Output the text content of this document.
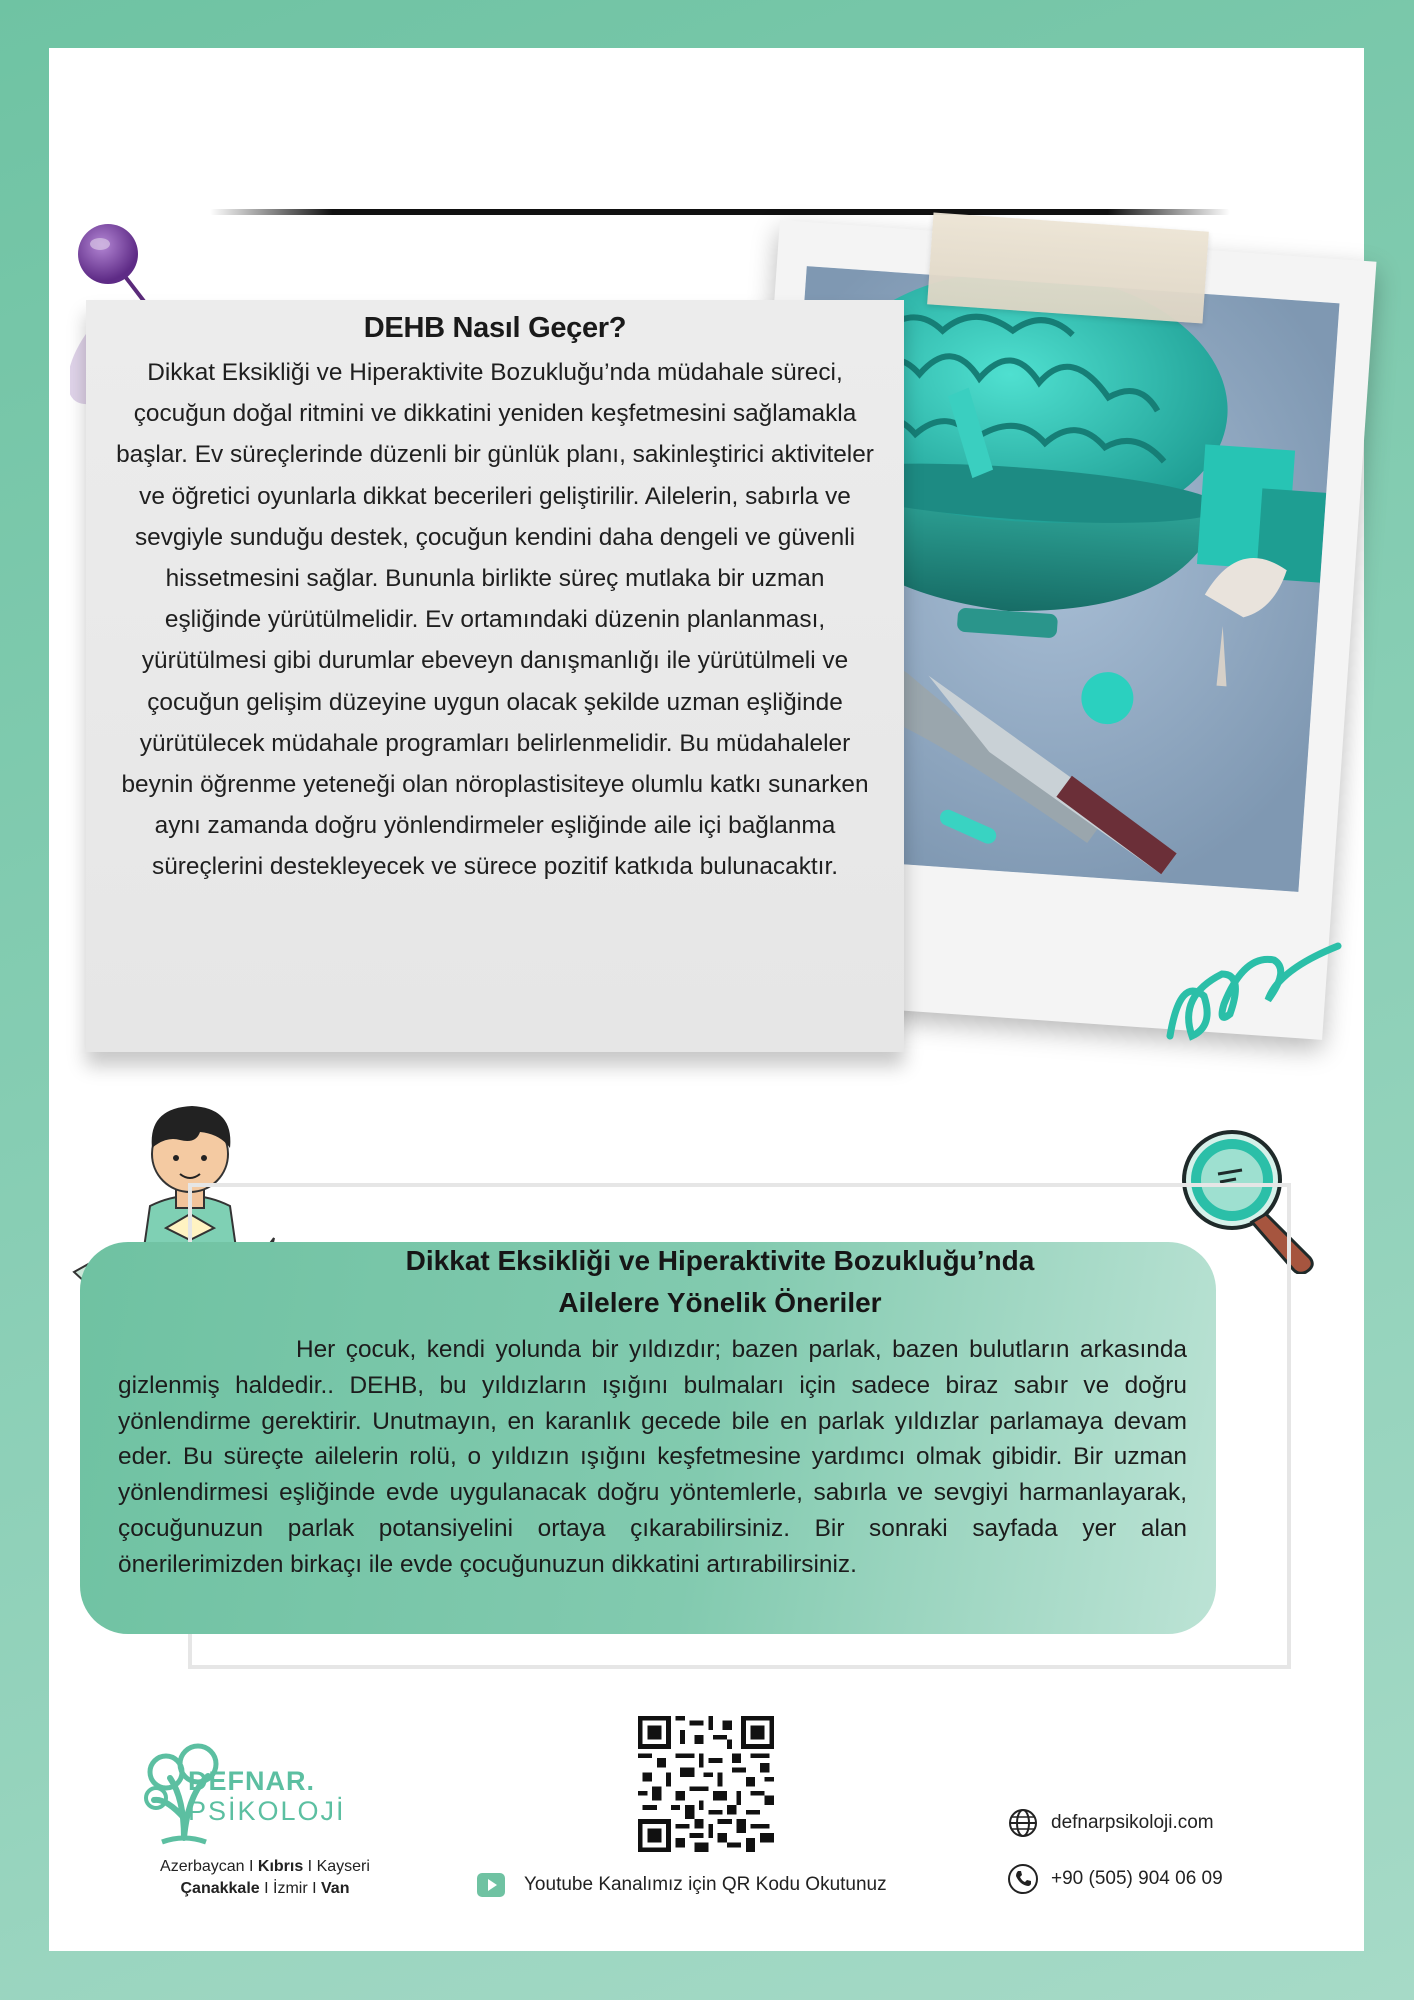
DEHB Nasıl Geçer?

Dikkat Eksikliği ve Hiperaktivite Bozukluğu’nda müdahale süreci, çocuğun doğal ritmini ve dikkatini yeniden keşfetmesini sağlamakla başlar. Ev süreçlerinde düzenli bir günlük planı, sakinleştirici aktiviteler ve öğretici oyunlarla dikkat becerileri geliştirilir. Ailelerin, sabırla ve sevgiyle sunduğu destek, çocuğun kendini daha dengeli ve güvenli hissetmesini sağlar. Bununla birlikte süreç mutlaka bir uzman eşliğinde yürütülmelidir. Ev ortamındaki düzenin planlanması, yürütülmesi gibi durumlar ebeveyn danışmanlığı ile yürütülmeli ve çocuğun gelişim düzeyine uygun olacak şekilde uzman eşliğinde yürütülecek müdahale programları belirlenmelidir. Bu müdahaleler beynin öğrenme yeteneği olan nöroplastisiteye olumlu katkı sunarken aynı zamanda doğru yönlendirmeler eşliğinde aile içi bağlanma süreçlerini destekleyecek ve sürece pozitif katkıda bulunacaktır.

Dikkat Eksikliği ve Hiperaktivite Bozukluğu’nda
Ailelere Yönelik Öneriler

Her çocuk, kendi yolunda bir yıldızdır; bazen parlak, bazen bulutların arkasında gizlenmiş haldedir.. DEHB, bu yıldızların ışığını bulmaları için sadece biraz sabır ve doğru yönlendirme gerektirir. Unutmayın, en karanlık gecede bile en parlak yıldızlar parlamaya devam eder. Bu süreçte ailelerin rolü, o yıldızın ışığını keşfetmesine yardımcı olmak gibidir. Bir uzman yönlendirmesi eşliğinde evde uygulanacak doğru yöntemlerle, sabırla ve sevgiyi harmanlayarak, çocuğunuzun parlak potansiyelini ortaya çıkarabilirsiniz. Bir sonraki sayfada yer alan önerilerimizden birkaçı ile evde çocuğunuzun dikkatini artırabilirsiniz.

DEFNAR.
PSİKOLOJİ

Azerbaycan I Kıbrıs I Kayseri
Çanakkale I İzmir I Van	Youtube Kanalımız için QR Kodu Okutunuz
defnarpsikoloji.com
+90 (505) 904 06 09
